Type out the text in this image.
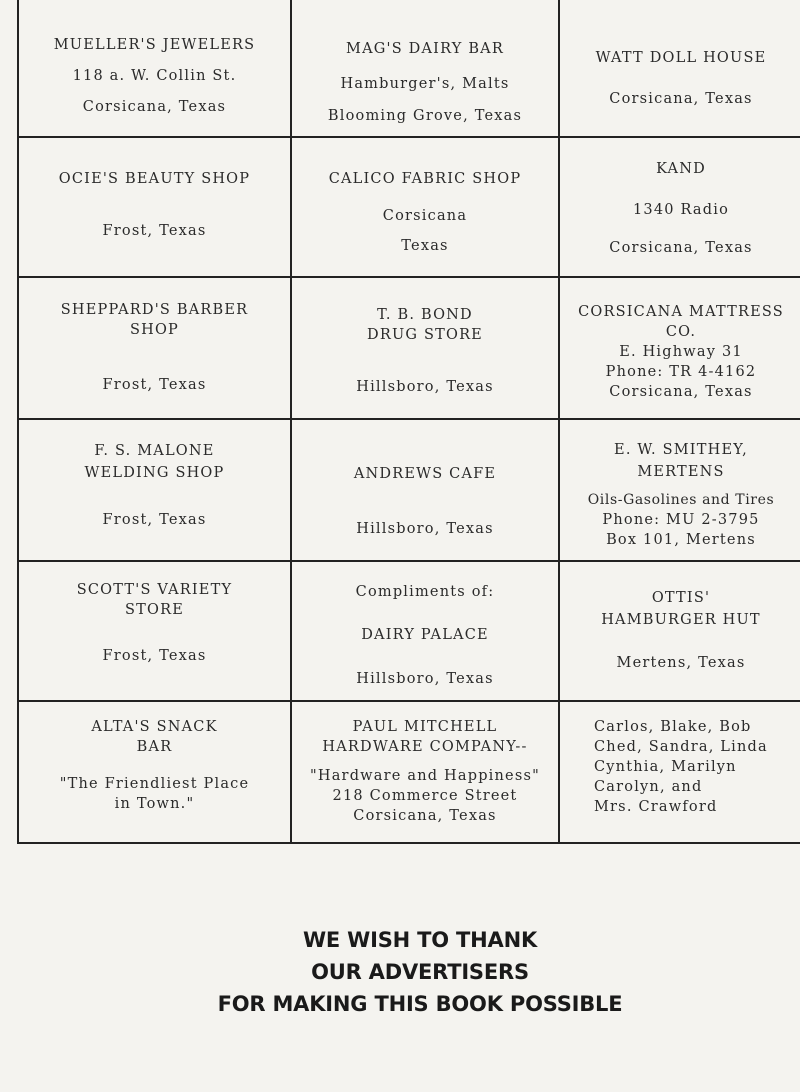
MUELLER'S JEWELERS
118 a. W. Collin St.
Corsicana, Texas
MAG'S DAIRY BAR
Hamburger's, Malts
Blooming Grove, Texas
WATT DOLL HOUSE
Corsicana, Texas
OCIE'S BEAUTY SHOP
Frost, Texas
CALICO FABRIC SHOP
Corsicana
Texas
KAND
1340 Radio
Corsicana, Texas
SHEPPARD'S BARBER
SHOP
Frost, Texas
T. B. BOND
DRUG STORE
Hillsboro, Texas
CORSICANA MATTRESS
CO.
E. Highway 31
Phone: TR 4-4162
Corsicana, Texas
F. S. MALONE
WELDING SHOP
Frost, Texas
ANDREWS CAFE
Hillsboro, Texas
E. W. SMITHEY,
MERTENS
Oils-Gasolines and Tires
Phone: MU 2-3795
Box 101, Mertens
SCOTT'S VARIETY
STORE
Frost, Texas
Compliments of:
DAIRY PALACE
Hillsboro, Texas
OTTIS'
HAMBURGER HUT
Mertens, Texas
ALTA'S SNACK
BAR
"The Friendliest Place
in Town."
PAUL MITCHELL
HARDWARE COMPANY--
"Hardware and Happiness"
218 Commerce Street
Corsicana, Texas
Carlos, Blake, Bob
Ched, Sandra, Linda
Cynthia, Marilyn
Carolyn, and
Mrs. Crawford
WE WISH TO THANK
OUR ADVERTISERS
FOR MAKING THIS BOOK POSSIBLE
